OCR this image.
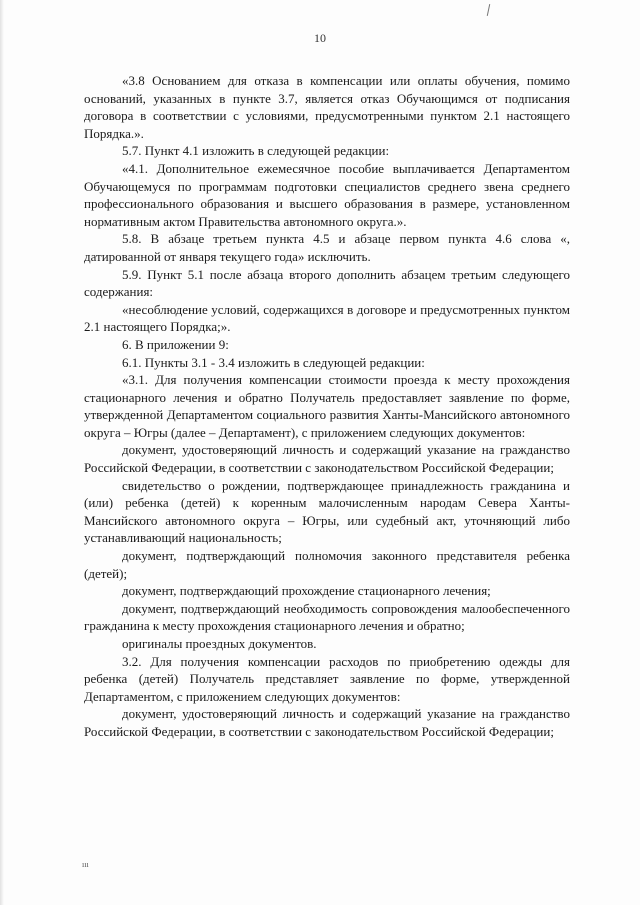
10

«3.8 Основанием для отказа в компенсации или оплаты обучения, помимо оснований, указанных в пункте 3.7, является отказ Обучающимся от подписания договора в соответствии с условиями, предусмотренными пунктом 2.1 настоящего Порядка.».

5.7. Пункт 4.1 изложить в следующей редакции:

«4.1. Дополнительное ежемесячное пособие выплачивается Департаментом Обучающемуся по программам подготовки специалистов среднего звена среднего профессионального образования и высшего образования в размере, установленном нормативным актом Правительства автономного округа.».

5.8. В абзаце третьем пункта 4.5 и абзаце первом пункта 4.6 слова «, датированной от января текущего года» исключить.

5.9. Пункт 5.1 после абзаца второго дополнить абзацем третьим следующего содержания:

«несоблюдение условий, содержащихся в договоре и предусмотренных пунктом 2.1 настоящего Порядка;».

6. В приложении 9:

6.1. Пункты 3.1 - 3.4 изложить в следующей редакции:

«3.1. Для получения компенсации стоимости проезда к месту прохождения стационарного лечения и обратно Получатель предоставляет заявление по форме, утвержденной Департаментом социального развития Ханты-Мансийского автономного округа – Югры (далее – Департамент), с приложением следующих документов:

документ, удостоверяющий личность и содержащий указание на гражданство Российской Федерации, в соответствии с законодательством Российской Федерации;

свидетельство о рождении, подтверждающее принадлежность гражданина и (или) ребенка (детей) к коренным малочисленным народам Севера Ханты-Мансийского автономного округа – Югры, или судебный акт, уточняющий либо устанавливающий национальность;

документ, подтверждающий полномочия законного представителя ребенка (детей);

документ, подтверждающий прохождение стационарного лечения;

документ, подтверждающий необходимость сопровождения малообеспеченного гражданина к месту прохождения стационарного лечения и обратно;

оригиналы проездных документов.

3.2. Для получения компенсации расходов по приобретению одежды для ребенка (детей) Получатель представляет заявление по форме, утвержденной Департаментом, с приложением следующих документов:

документ, удостоверяющий личность и содержащий указание на гражданство Российской Федерации, в соответствии с законодательством Российской Федерации;

ııı
